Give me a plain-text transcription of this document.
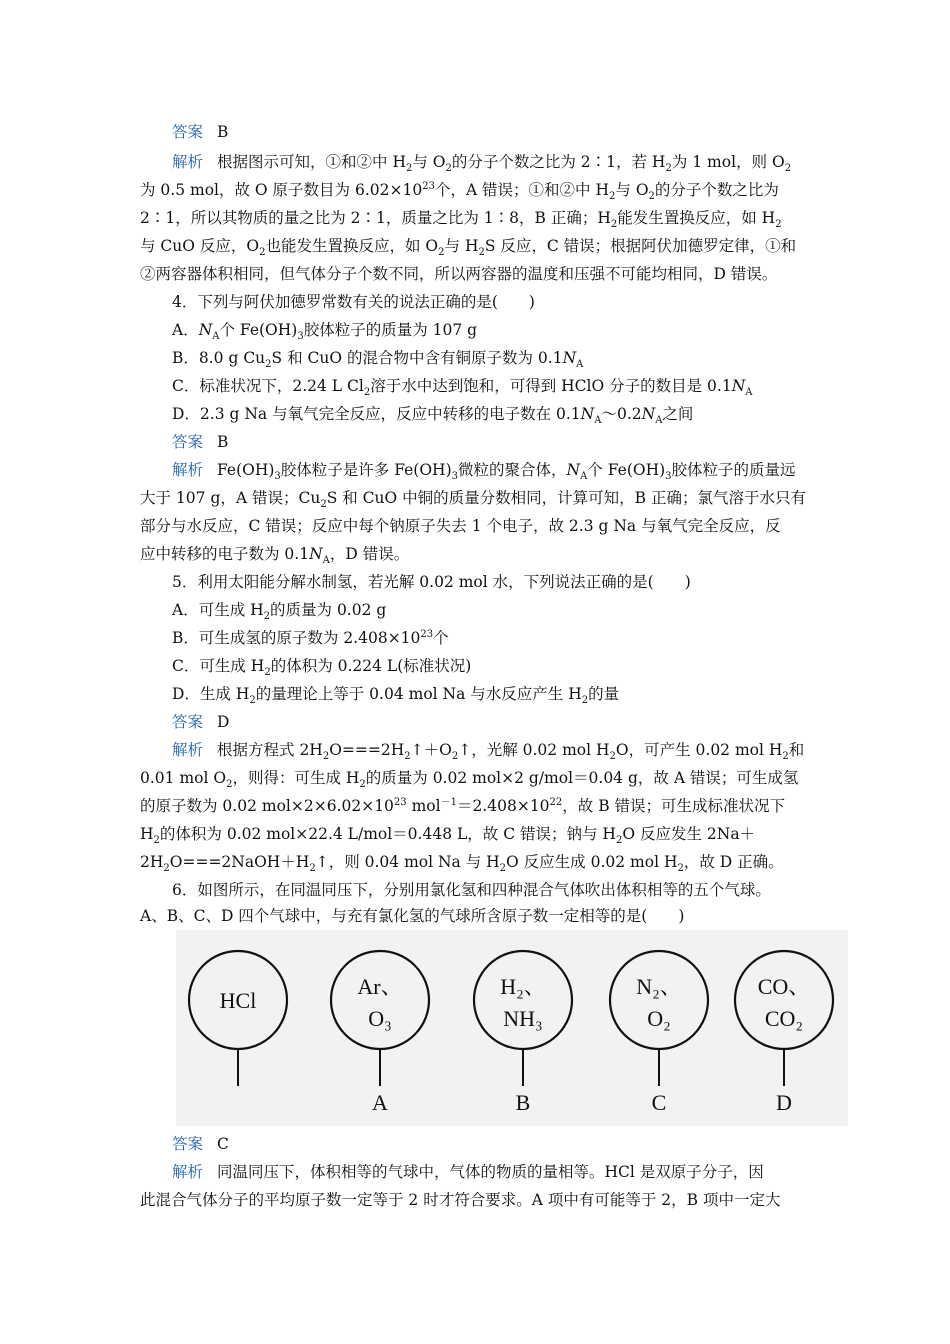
答案 B
解析 根据图示可知，①和②中 $H_2$与 $O_2$的分子个数之比为 2∶1，若 $H_2$为 1 mol，则 $O_2$
为 0.5 mol，故 O 原子数目为 $6.02\times 10^{23}$个，A 错误；①和②中 $H_2$与 $O_2$的分子个数之比为
2∶1，所以其物质的量之比为 2∶1，质量之比为 1∶8，B 正确；$H_2$能发生置换反应，如 $H_2$
与 CuO 反应，$O_2$也能发生置换反应，如 $O_2$与 $H_2S$ 反应，C 错误；根据阿伏加德罗定律，①和
②两容器体积相同，但气体分子个数不同，所以两容器的温度和压强不可能均相同，D 错误。
4．下列与阿伏加德罗常数有关的说法正确的是(　　)
A．$N_A$个 $Fe(OH)_3$胶体粒子的质量为 107 g
B．8.0 g $Cu_2S$ 和 CuO 的混合物中含有铜原子数为 $0.1N_A$
C．标准状况下，2.24 L $Cl_2$溶于水中达到饱和，可得到 HClO 分子的数目是 $0.1N_A$
D．2.3 g Na 与氧气完全反应，反应中转移的电子数在 $0.1N_A\sim 0.2N_A$之间
答案 B
解析 $Fe(OH)_3$胶体粒子是许多 $Fe(OH)_3$微粒的聚合体，$N_A$个 $Fe(OH)_3$胶体粒子的质量远
大于 107 g，A 错误；$Cu_2S$ 和 CuO 中铜的质量分数相同，计算可知，B 正确；氯气溶于水只有
部分与水反应，C 错误；反应中每个钠原子失去 1 个电子，故 2.3 g Na 与氧气完全反应，反
应中转移的电子数为 $0.1N_A$，D 错误。
5．利用太阳能分解水制氢，若光解 0.02 mol 水，下列说法正确的是(　　)
A．可生成 $H_2$的质量为 0.02 g
B．可生成氢的原子数为 $2.408\times 10^{23}$个
C．可生成 $H_2$的体积为 0.224 L(标准状况)
D．生成 $H_2$的量理论上等于 0.04 mol Na 与水反应产生 $H_2$的量
答案 D
解析 根据方程式 $2H_2O===2H_2↑+O_2↑$，光解 0.02 mol $H_2O$，可产生 0.02 mol $H_2$和
0.01 mol $O_2$，则得：可生成 $H_2$的质量为 0.02 mol×2 g/mol＝0.04 g，故 A 错误；可生成氢
的原子数为 0.02 $mol\times 2\times 6.02\times 10^{23}$ $mol^{-1}=2.408\times 10^{22}$，故 B 错误；可生成标准状况下
$H_2$的体积为 0.02 mol×22.4 L/mol＝0.448 L，故 C 错误；钠与 $H_2O$ 反应发生 2Na＋
$2H_2O===2NaOH+H_2↑$，则 0.04 mol Na 与 $H_2O$ 反应生成 0.02 mol $H_2$，故 D 正确。
6．如图所示，在同温同压下，分别用氯化氢和四种混合气体吹出体积相等的五个气球。
A、B、C、D 四个气球中，与充有氯化氢的气球所含原子数一定相等的是(　　)
HCl
Ar、
O₃
A
H₂、
NH₃
B
N₂、
O₂
C
CO、
CO₂
D
答案 C
解析 同温同压下，体积相等的气球中，气体的物质的量相等。HCl 是双原子分子，因
此混合气体分子的平均原子数一定等于 2 时才符合要求。A 项中有可能等于 2，B 项中一定大
